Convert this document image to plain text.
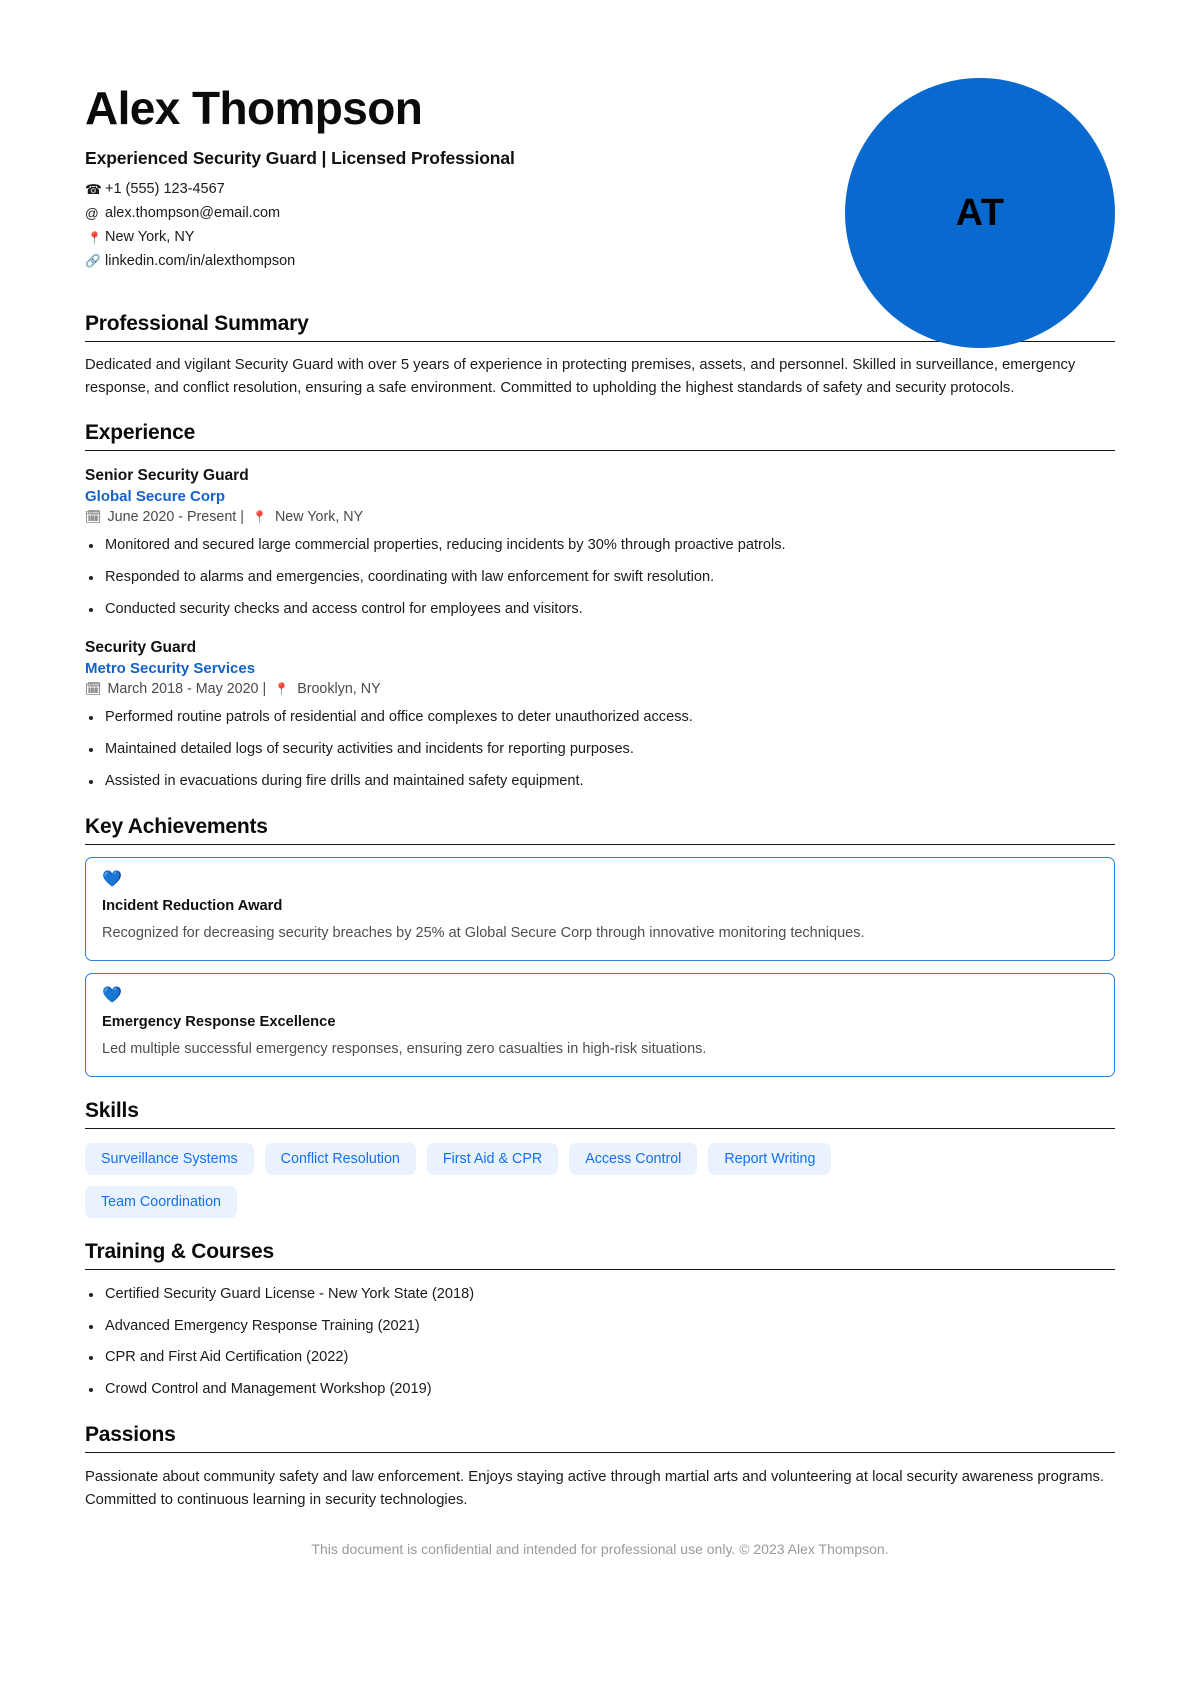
Alex Thompson
Experienced Security Guard | Licensed Professional
☎ +1 (555) 123-4567
@ alex.thompson@email.com
📍 New York, NY
🔗 linkedin.com/in/alexthompson
AT
Professional Summary

Dedicated and vigilant Security Guard with over 5 years of experience in protecting premises, assets, and personnel. Skilled in surveillance, emergency response, and conflict resolution, ensuring a safe environment. Committed to upholding the highest standards of safety and security protocols.

Experience
Senior Security Guard
Global Secure Corp
🗓 June 2020 - Present | 📍 New York, NY
Monitored and secured large commercial properties, reducing incidents by 30% through proactive patrols.
Responded to alarms and emergencies, coordinating with law enforcement for swift resolution.
Conducted security checks and access control for employees and visitors.
Security Guard
Metro Security Services
🗓 March 2018 - May 2020 | 📍 Brooklyn, NY
Performed routine patrols of residential and office complexes to deter unauthorized access.
Maintained detailed logs of security activities and incidents for reporting purposes.
Assisted in evacuations during fire drills and maintained safety equipment.
Key Achievements
💙
Incident Reduction Award

Recognized for decreasing security breaches by 25% at Global Secure Corp through innovative monitoring techniques.

💙
Emergency Response Excellence

Led multiple successful emergency responses, ensuring zero casualties in high-risk situations.

Skills
Surveillance Systems	Conflict Resolution	First Aid & CPR	Access Control	Report Writing
Team Coordination
Training & Courses
Certified Security Guard License - New York State (2018)
Advanced Emergency Response Training (2021)
CPR and First Aid Certification (2022)
Crowd Control and Management Workshop (2019)
Passions

Passionate about community safety and law enforcement. Enjoys staying active through martial arts and volunteering at local security awareness programs. Committed to continuous learning in security technologies.

This document is confidential and intended for professional use only. © 2023 Alex Thompson.
